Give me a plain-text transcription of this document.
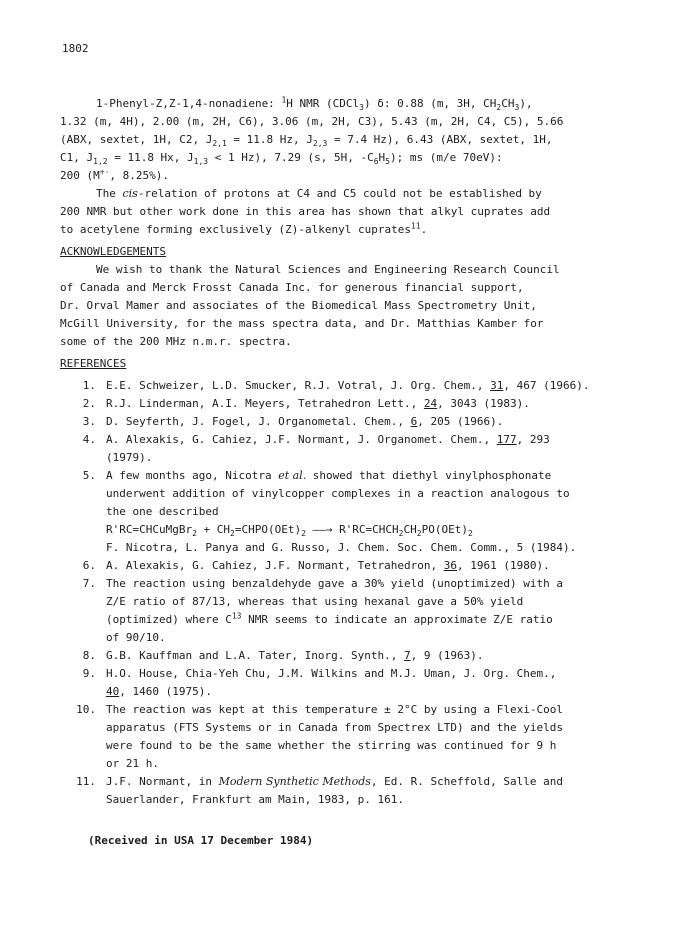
1802

1-Phenyl-Z,Z-1,4-nonadiene: $^1$H NMR (CDCl$_3$) δ: 0.88 (m, 3H, $CH_2CH_3$),

1.32 (m, 4H), 2.00 (m, 2H, C6), 3.06 (m, 2H, C3), 5.43 (m, 2H, C4, C5), 5.66

(ABX, sextet, 1H, C2, $J_{2,1} = 11.8$ Hz, $J_{2,3} = 7.4$ Hz), 6.43 (ABX, sextet, 1H,

C1, $J_{1,2} = 11.8$ Hx, $J_{1,3} < 1$ Hz), 7.29 (s, 5H, $-C_6H_5$); ms (m/e 70eV):

200 (M+·, 8.25%).

The cis-relation of protons at C4 and C5 could not be established by

200 NMR but other work done in this area has shown that alkyl cuprates add

to acetylene forming exclusively (Z)-alkenyl cuprates$^{11}$.

ACKNOWLEDGEMENTS

We wish to thank the Natural Sciences and Engineering Research Council

of Canada and Merck Frosst Canada Inc. for generous financial support,

Dr. Orval Mamer and associates of the Biomedical Mass Spectrometry Unit,

McGill University, for the mass spectra data, and Dr. Matthias Kamber for

some of the 200 MHz n.m.r. spectra.

REFERENCES

1. E.E. Schweizer, L.D. Smucker, R.J. Votral, J. Org. Chem., 31, 467 (1966).
2. R.J. Linderman, A.I. Meyers, Tetrahedron Lett., 24, 3043 (1983).
3. D. Seyferth, J. Fogel, J. Organometal. Chem., 6, 205 (1966).
4. A. Alexakis, G. Cahiez, J.F. Normant, J. Organomet. Chem., 177, 293
(1979).
5. A few months ago, Nicotra et al. showed that diethyl vinylphosphonate
underwent addition of vinylcopper complexes in a reaction analogous to
the one described
R'RC=CHCuMgBr$_2$ + $CH_2=CHPO(OEt)_2$ ——→ $R'RC=CHCH_2CH_2PO(OEt)_2$
F. Nicotra, L. Panya and G. Russo, J. Chem. Soc. Chem. Comm., 5 (1984).
6. A. Alexakis, G. Cahiez, J.F. Normant, Tetrahedron, 36, 1961 (1980).
7. The reaction using benzaldehyde gave a 30% yield (unoptimized) with a
Z/E ratio of 87/13, whereas that using hexanal gave a 50% yield
(optimized) where $C^{13}$ NMR seems to indicate an approximate Z/E ratio
of 90/10.
8. G.B. Kauffman and L.A. Tater, Inorg. Synth., 7, 9 (1963).
9. H.O. House, Chia-Yeh Chu, J.M. Wilkins and M.J. Uman, J. Org. Chem.,
40, 1460 (1975).
10. The reaction was kept at this temperature ± 2°C by using a Flexi-Cool
apparatus (FTS Systems or in Canada from Spectrex LTD) and the yields
were found to be the same whether the stirring was continued for 9 h
or 21 h.
11. J.F. Normant, in Modern Synthetic Methods, Ed. R. Scheffold, Salle and
Sauerlander, Frankfurt am Main, 1983, p. 161.
(Received in USA 17 December 1984)
